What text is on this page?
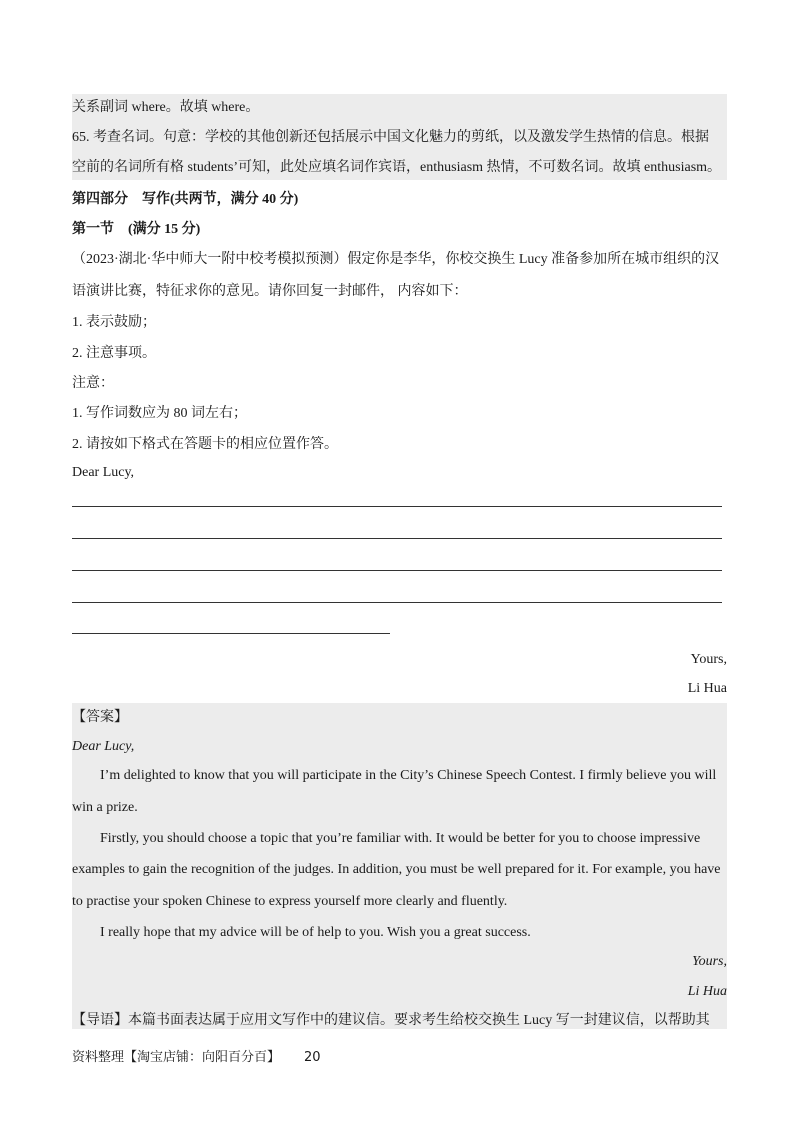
关系副词 where。故填 where。
65. 考查名词。句意：学校的其他创新还包括展示中国文化魅力的剪纸，以及激发学生热情的信息。根据
空前的名词所有格 students’可知，此处应填名词作宾语，enthusiasm 热情，不可数名词。故填 enthusiasm。
第四部分　写作(共两节，满分 40 分)
第一节　(满分 15 分)
（2023·湖北·华中师大一附中校考模拟预测）假定你是李华，你校交换生 Lucy 准备参加所在城市组织的汉
语演讲比赛，特征求你的意见。请你回复一封邮件， 内容如下：
1. 表示鼓励；
2. 注意事项。
注意：
1. 写作词数应为 80 词左右；
2. 请按如下格式在答题卡的相应位置作答。
Dear Lucy,
Yours,
Li Hua
【答案】
Dear Lucy,
I’m delighted to know that you will participate in the City’s Chinese Speech Contest. I firmly believe you will
win a prize.
Firstly, you should choose a topic that you’re familiar with. It would be better for you to choose impressive
examples to gain the recognition of the judges. In addition, you must be well prepared for it. For example, you have
to practise your spoken Chinese to express yourself more clearly and fluently.
I really hope that my advice will be of help to you. Wish you a great success.
Yours,
Li Hua
【导语】本篇书面表达属于应用文写作中的建议信。要求考生给校交换生 Lucy 写一封建议信，以帮助其
资料整理【淘宝店铺：向阳百分百】 20
